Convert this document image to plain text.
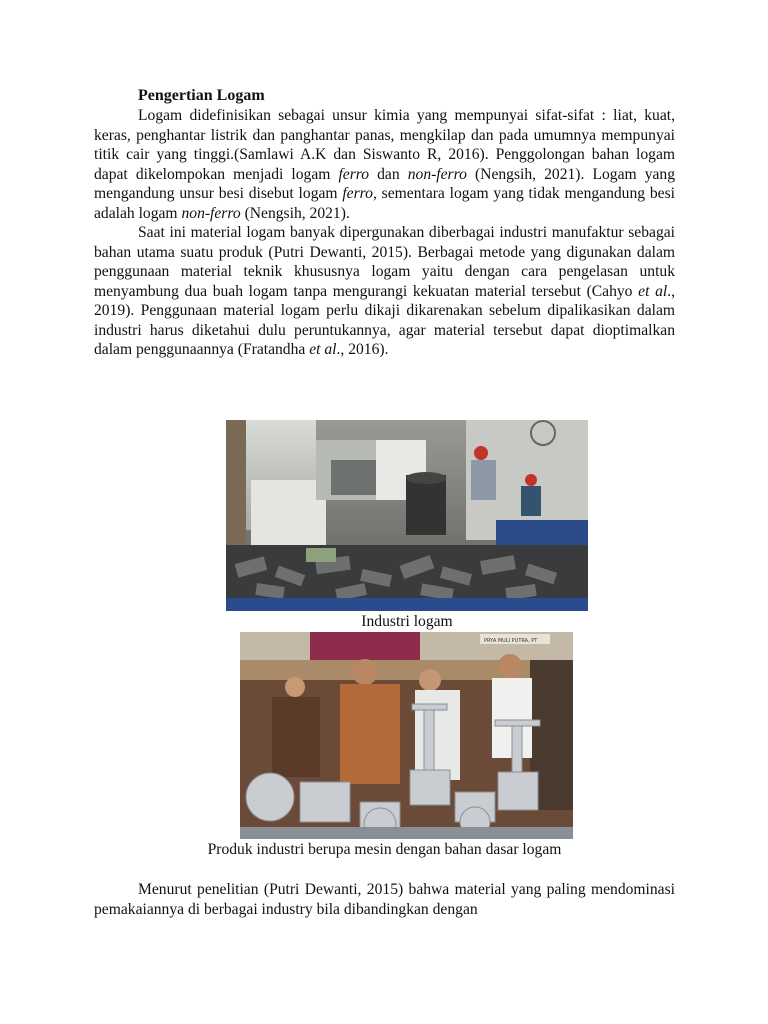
Pengertian Logam

Logam didefinisikan sebagai unsur kimia yang mempunyai sifat-sifat : liat, kuat, keras, penghantar listrik dan panghantar panas, mengkilap dan pada umumnya mempunyai titik cair yang tinggi.(Samlawi A.K dan Siswanto R, 2016). Penggolongan bahan logam dapat dikelompokan menjadi logam ferro dan non-ferro (Nengsih, 2021). Logam yang mengandung unsur besi disebut logam ferro, sementara logam yang tidak mengandung besi adalah logam non-ferro (Nengsih, 2021).

Saat ini material logam banyak dipergunakan diberbagai industri manufaktur sebagai bahan utama suatu produk (Putri Dewanti, 2015). Berbagai metode yang digunakan dalam penggunaan material teknik khususnya logam yaitu dengan cara pengelasan untuk menyambung dua buah logam tanpa mengurangi kekuatan material tersebut (Cahyo et al., 2019). Penggunaan material logam perlu dikaji dikarenakan sebelum dipalikasikan dalam industri harus diketahui dulu peruntukannya, agar material tersebut dapat dioptimalkan dalam penggunaannya (Fratandha et al., 2016).

Industri logam
PRYA MULI PUTRA, PT
Produk industri berupa mesin dengan bahan dasar logam

Menurut penelitian (Putri Dewanti, 2015) bahwa material yang paling mendominasi pemakaiannya di berbagai industry bila dibandingkan dengan
